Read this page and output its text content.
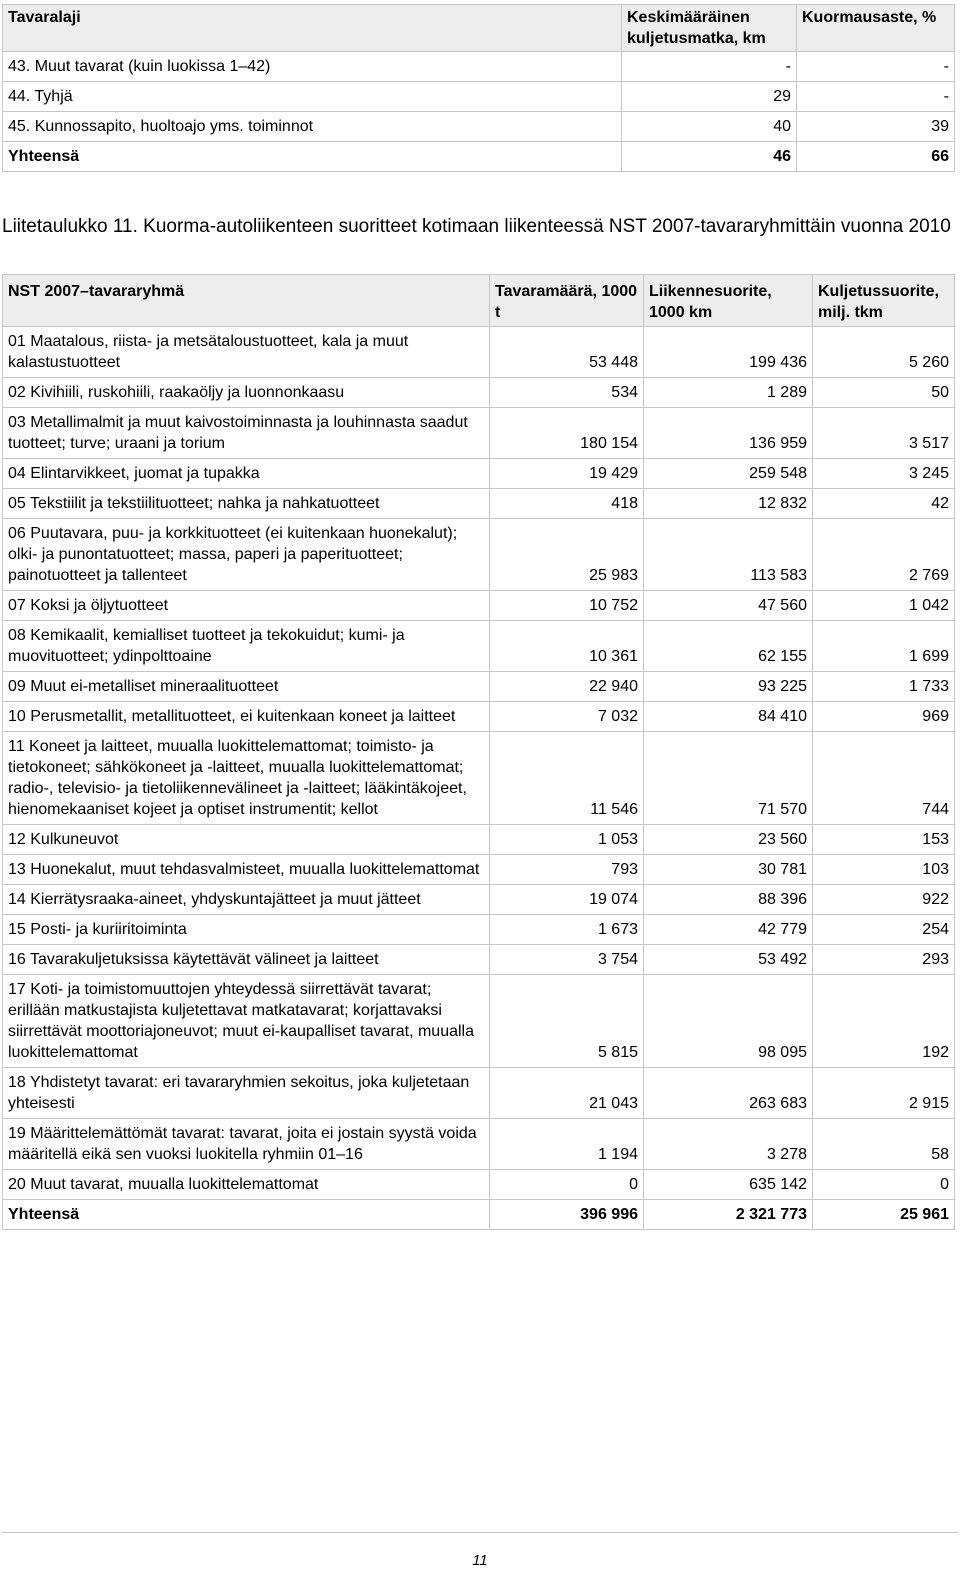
Tavaralaji	Keskimääräinen kuljetusmatka, km	Kuormausaste, %
43. Muut tavarat (kuin luokissa 1–42)	-	-
44. Tyhjä	29	-
45. Kunnossapito, huoltoajo yms. toiminnot	40	39
Yhteensä	46	66
Liitetaulukko 11. Kuorma-autoliikenteen suoritteet kotimaan liikenteessä NST 2007-tavararyhmittäin vuonna 2010
NST 2007–tavararyhmä	Tavaramäärä, 1000 t	Liikennesuorite, 1000 km	Kuljetussuorite, milj. tkm
01 Maatalous, riista- ja metsätaloustuotteet, kala ja muut kalastustuotteet	53 448	199 436	5 260
02 Kivihiili, ruskohiili, raakaöljy ja luonnonkaasu	534	1 289	50
03 Metallimalmit ja muut kaivostoiminnasta ja louhinnasta saadut tuotteet; turve; uraani ja torium	180 154	136 959	3 517
04 Elintarvikkeet, juomat ja tupakka	19 429	259 548	3 245
05 Tekstiilit ja tekstiilituotteet; nahka ja nahkatuotteet	418	12 832	42
06 Puutavara, puu- ja korkkituotteet (ei kuitenkaan huonekalut); olki- ja punontatuotteet; massa, paperi ja paperituotteet; painotuotteet ja tallenteet	25 983	113 583	2 769
07 Koksi ja öljytuotteet	10 752	47 560	1 042
08 Kemikaalit, kemialliset tuotteet ja tekokuidut; kumi- ja muovituotteet; ydinpolttoaine	10 361	62 155	1 699
09 Muut ei-metalliset mineraalituotteet	22 940	93 225	1 733
10 Perusmetallit, metallituotteet, ei kuitenkaan koneet ja laitteet	7 032	84 410	969
11 Koneet ja laitteet, muualla luokittelemattomat; toimisto- ja tietokoneet; sähkökoneet ja -laitteet, muualla luokittelemattomat; radio-, televisio- ja tietoliikennevälineet ja -laitteet; lääkintäkojeet, hienomekaaniset kojeet ja optiset instrumentit; kellot	11 546	71 570	744
12 Kulkuneuvot	1 053	23 560	153
13 Huonekalut, muut tehdasvalmisteet, muualla luokittelemattomat	793	30 781	103
14 Kierrätysraaka-aineet, yhdyskuntajätteet ja muut jätteet	19 074	88 396	922
15 Posti- ja kuriiritoiminta	1 673	42 779	254
16 Tavarakuljetuksissa käytettävät välineet ja laitteet	3 754	53 492	293
17 Koti- ja toimistomuuttojen yhteydessä siirrettävät tavarat; erillään matkustajista kuljetettavat matkatavarat; korjattavaksi siirrettävät moottoriajoneuvot; muut ei-kaupalliset tavarat, muualla luokittelemattomat	5 815	98 095	192
18 Yhdistetyt tavarat: eri tavararyhmien sekoitus, joka kuljetetaan yhteisesti	21 043	263 683	2 915
19 Määrittelemättömät tavarat: tavarat, joita ei jostain syystä voida määritellä eikä sen vuoksi luokitella ryhmiin 01–16	1 194	3 278	58
20 Muut tavarat, muualla luokittelemattomat	0	635 142	0
Yhteensä	396 996	2 321 773	25 961
11
